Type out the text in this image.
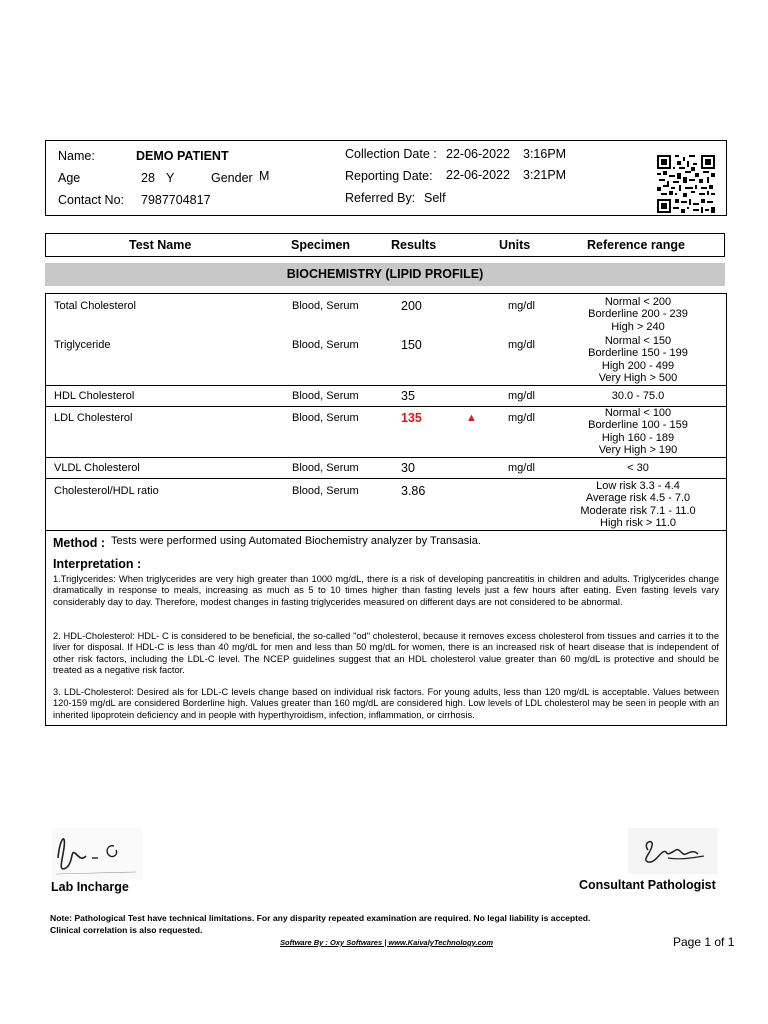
Name:	DEMO PATIENT
Age	28 Y	Gender M
Contact No: 7987704817
Collection Date : 22-06-2022 3:16PM
Reporting Date: 22-06-2022 3:21PM
Referred By: Self
Test Name	Specimen	Results	Units	Reference range
BIOCHEMISTRY (LIPID PROFILE)
Total Cholesterol	Blood, Serum	200	mg/dl	Normal < 200
Borderline 200 - 239
High > 240
Triglyceride	Blood, Serum	150	mg/dl	Normal < 150
Borderline 150 - 199
High 200 - 499
Very High > 500
HDL Cholesterol	Blood, Serum	35	mg/dl	30.0 - 75.0
LDL Cholesterol	Blood, Serum	135	▲	mg/dl	Normal < 100
Borderline 100 - 159
High 160 - 189
Very High > 190
VLDL Cholesterol	Blood, Serum	30	mg/dl	< 30
Cholesterol/HDL ratio	Blood, Serum	3.86	Low risk 3.3 - 4.4
Average risk 4.5 - 7.0
Moderate risk 7.1 - 11.0
High risk > 11.0
Method : Tests were performed using Automated Biochemistry analyzer by Transasia.
Interpretation :

1.Triglycerides: When triglycerides are very high greater than 1000 mg/dL, there is a risk of developing pancreatitis in children and adults. Triglycerides change dramatically in response to meals, increasing as much as 5 to 10 times higher than fasting levels just a few hours after eating. Even fasting levels vary considerably day to day. Therefore, modest changes in fasting triglycerides measured on different days are not considered to be abnormal.

2. HDL-Cholesterol: HDL- C is considered to be beneficial, the so-called "od" cholesterol, because it removes excess cholesterol from tissues and carries it to the liver for disposal. If HDL-C is less than 40 mg/dL for men and less than 50 mg/dL for women, there is an increased risk of heart disease that is independent of other risk factors, including the LDL-C level. The NCEP guidelines suggest that an HDL cholesterol value greater than 60 mg/dL is protective and should be treated as a negative risk factor.

3. LDL-Cholesterol: Desired als for LDL-C levels change based on individual risk factors. For young adults, less than 120 mg/dL is acceptable. Values between 120-159 mg/dL are considered Borderline high. Values greater than 160 mg/dL are considered high. Low levels of LDL cholesterol may be seen in people with an inherited lipoprotein deficiency and in people with hyperthyroidism, infection, inflammation, or cirrhosis.

Lab Incharge	Consultant Pathologist
Note: Pathological Test have technical limitations. For any disparity repeated examination are required. No legal liability is accepted.
Clinical correlation is also requested.
Software By : Oxy Softwares | www.KaivalyTechnology.com	Page 1 of 1
